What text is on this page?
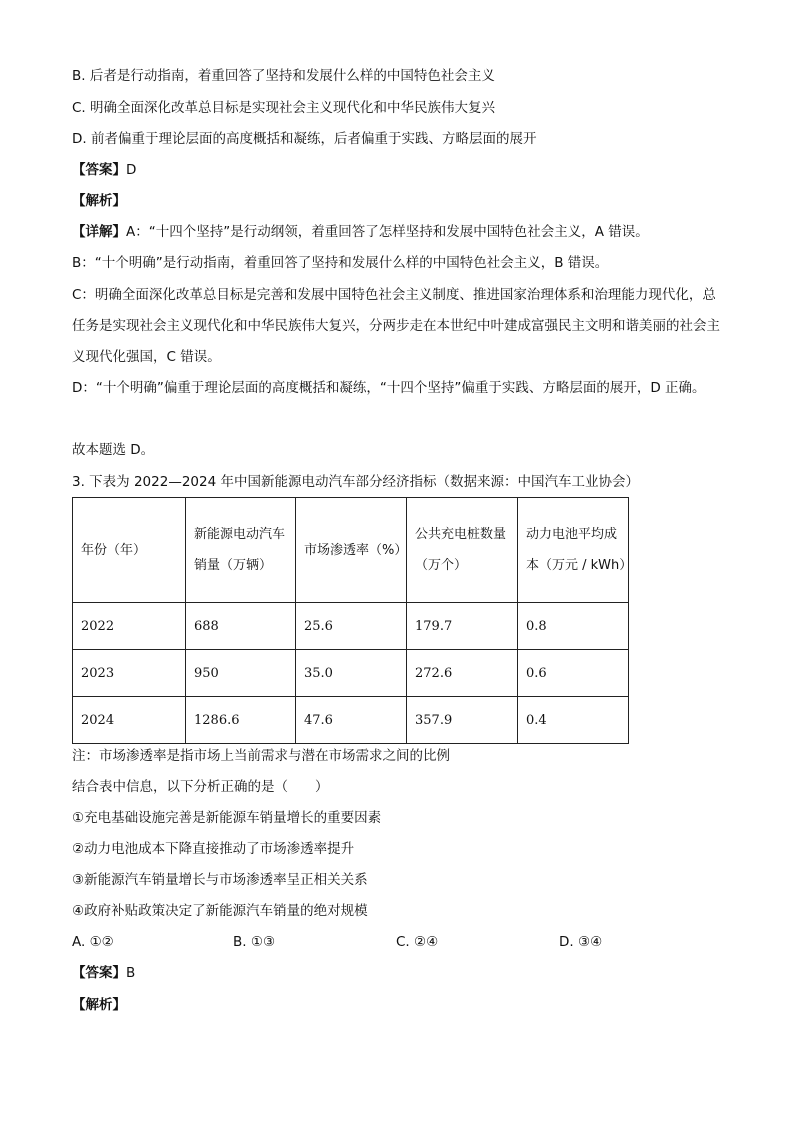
B. 后者是行动指南，着重回答了坚持和发展什么样的中国特色社会主义
C. 明确全面深化改革总目标是实现社会主义现代化和中华民族伟大复兴
D. 前者偏重于理论层面的高度概括和凝练，后者偏重于实践、方略层面的展开
【答案】D
【解析】
【详解】A：“十四个坚持”是行动纲领，着重回答了怎样坚持和发展中国特色社会主义，A 错误。
B：“十个明确”是行动指南，着重回答了坚持和发展什么样的中国特色社会主义，B 错误。
C：明确全面深化改革总目标是完善和发展中国特色社会主义制度、推进国家治理体系和治理能力现代化，总任务是实现社会主义现代化和中华民族伟大复兴，分两步走在本世纪中叶建成富强民主文明和谐美丽的社会主义现代化强国，C 错误。
D：“十个明确”偏重于理论层面的高度概括和凝练，“十四个坚持”偏重于实践、方略层面的展开，D 正确。
故本题选 D。
3. 下表为 2022—2024 年中国新能源电动汽车部分经济指标（数据来源：中国汽车工业协会）
年份（年）	新能源电动汽车销量（万辆）	市场渗透率（%）	公共充电桩数量（万个）	动力电池平均成本（万元 / kWh）
2022	688	25.6	179.7	0.8
2023	950	35.0	272.6	0.6
2024	1286.6	47.6	357.9	0.4
注：市场渗透率是指市场上当前需求与潜在市场需求之间的比例
结合表中信息，以下分析正确的是（　　）
①充电基础设施完善是新能源车销量增长的重要因素
②动力电池成本下降直接推动了市场渗透率提升
③新能源汽车销量增长与市场渗透率呈正相关关系
④政府补贴政策决定了新能源汽车销量的绝对规模
A. ①②	B. ①③	C. ②④	D. ③④
【答案】B
【解析】
